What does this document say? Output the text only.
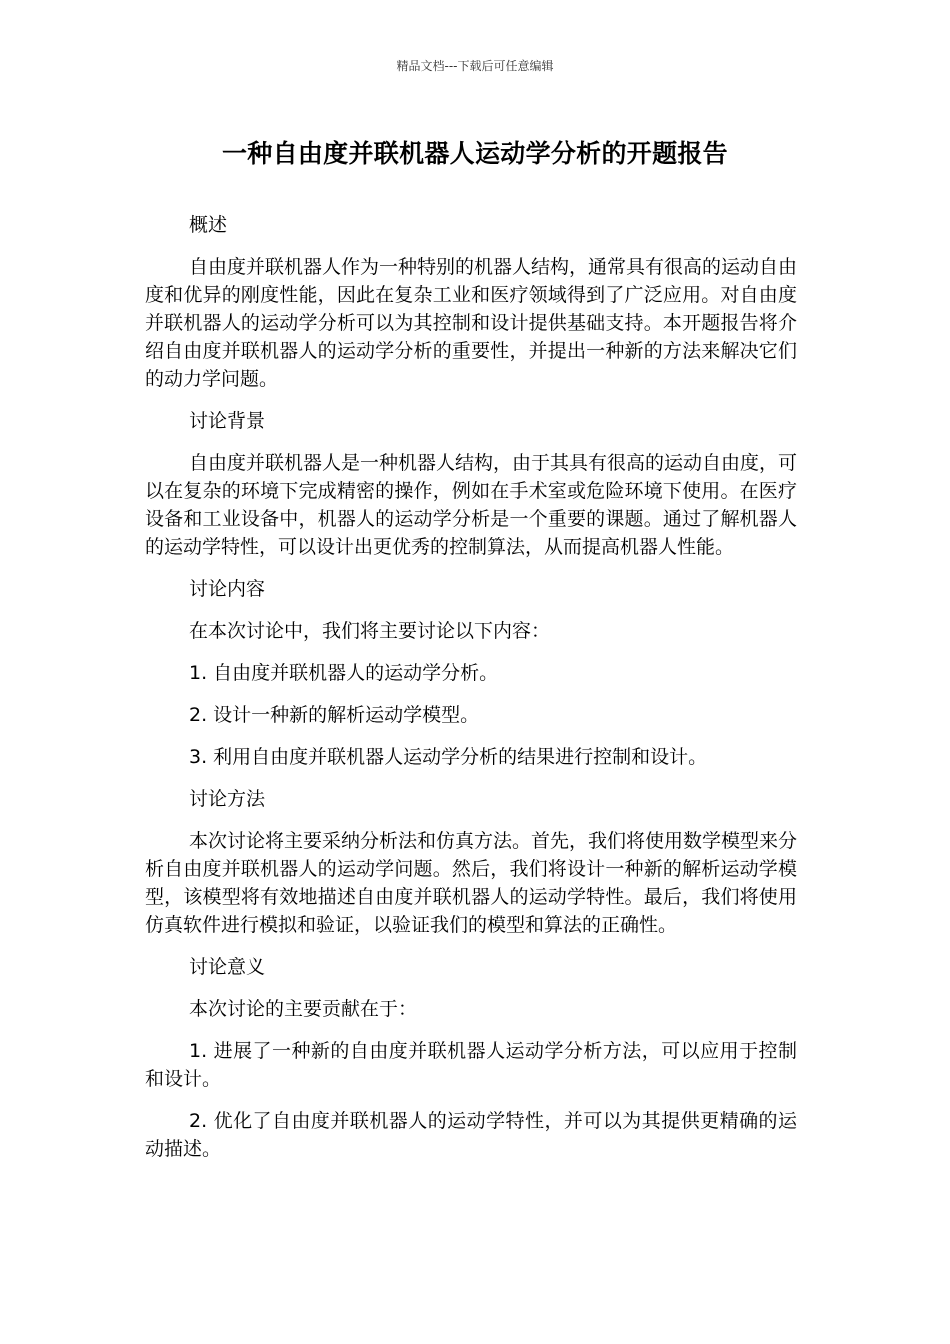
精品文档---下载后可任意编辑
一种自由度并联机器人运动学分析的开题报告

概述

自由度并联机器人作为一种特别的机器人结构，通常具有很高的运动自由度和优异的刚度性能，因此在复杂工业和医疗领域得到了广泛应用。对自由度并联机器人的运动学分析可以为其控制和设计提供基础支持。本开题报告将介绍自由度并联机器人的运动学分析的重要性，并提出一种新的方法来解决它们的动力学问题。

讨论背景

自由度并联机器人是一种机器人结构，由于其具有很高的运动自由度，可以在复杂的环境下完成精密的操作，例如在手术室或危险环境下使用。在医疗设备和工业设备中，机器人的运动学分析是一个重要的课题。通过了解机器人的运动学特性，可以设计出更优秀的控制算法，从而提高机器人性能。

讨论内容

在本次讨论中，我们将主要讨论以下内容：

1. 自由度并联机器人的运动学分析。

2. 设计一种新的解析运动学模型。

3. 利用自由度并联机器人运动学分析的结果进行控制和设计。

讨论方法

本次讨论将主要采纳分析法和仿真方法。首先，我们将使用数学模型来分析自由度并联机器人的运动学问题。然后，我们将设计一种新的解析运动学模型，该模型将有效地描述自由度并联机器人的运动学特性。最后，我们将使用仿真软件进行模拟和验证，以验证我们的模型和算法的正确性。

讨论意义

本次讨论的主要贡献在于：

1. 进展了一种新的自由度并联机器人运动学分析方法，可以应用于控制和设计。

2. 优化了自由度并联机器人的运动学特性，并可以为其提供更精确的运动描述。
